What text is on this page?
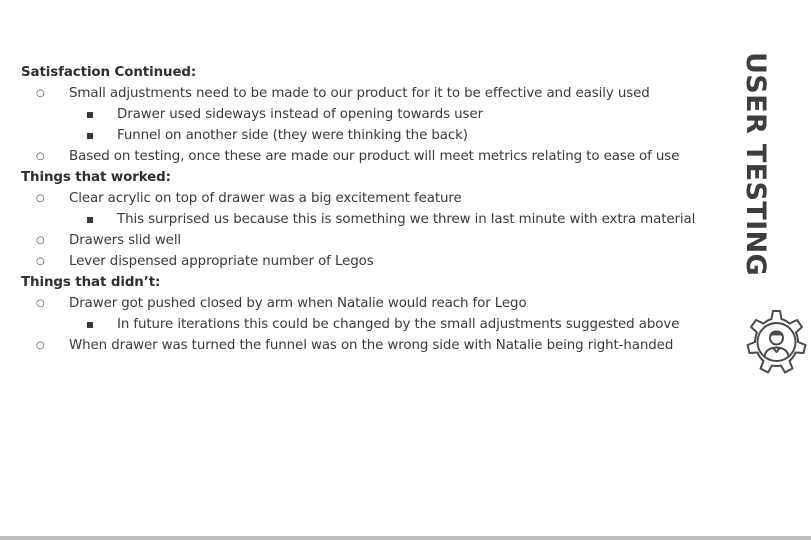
Satisfaction Continued:
○ Small adjustments need to be made to our product for it to be effective and easily used
Drawer used sideways instead of opening towards user
Funnel on another side (they were thinking the back)
○ Based on testing, once these are made our product will meet metrics relating to ease of use
Things that worked:
○ Clear acrylic on top of drawer was a big excitement feature
This surprised us because this is something we threw in last minute with extra material
○ Drawers slid well
○ Lever dispensed appropriate number of Legos
Things that didn’t:
○ Drawer got pushed closed by arm when Natalie would reach for Lego
In future iterations this could be changed by the small adjustments suggested above
○ When drawer was turned the funnel was on the wrong side with Natalie being right-handed
USER TESTING
